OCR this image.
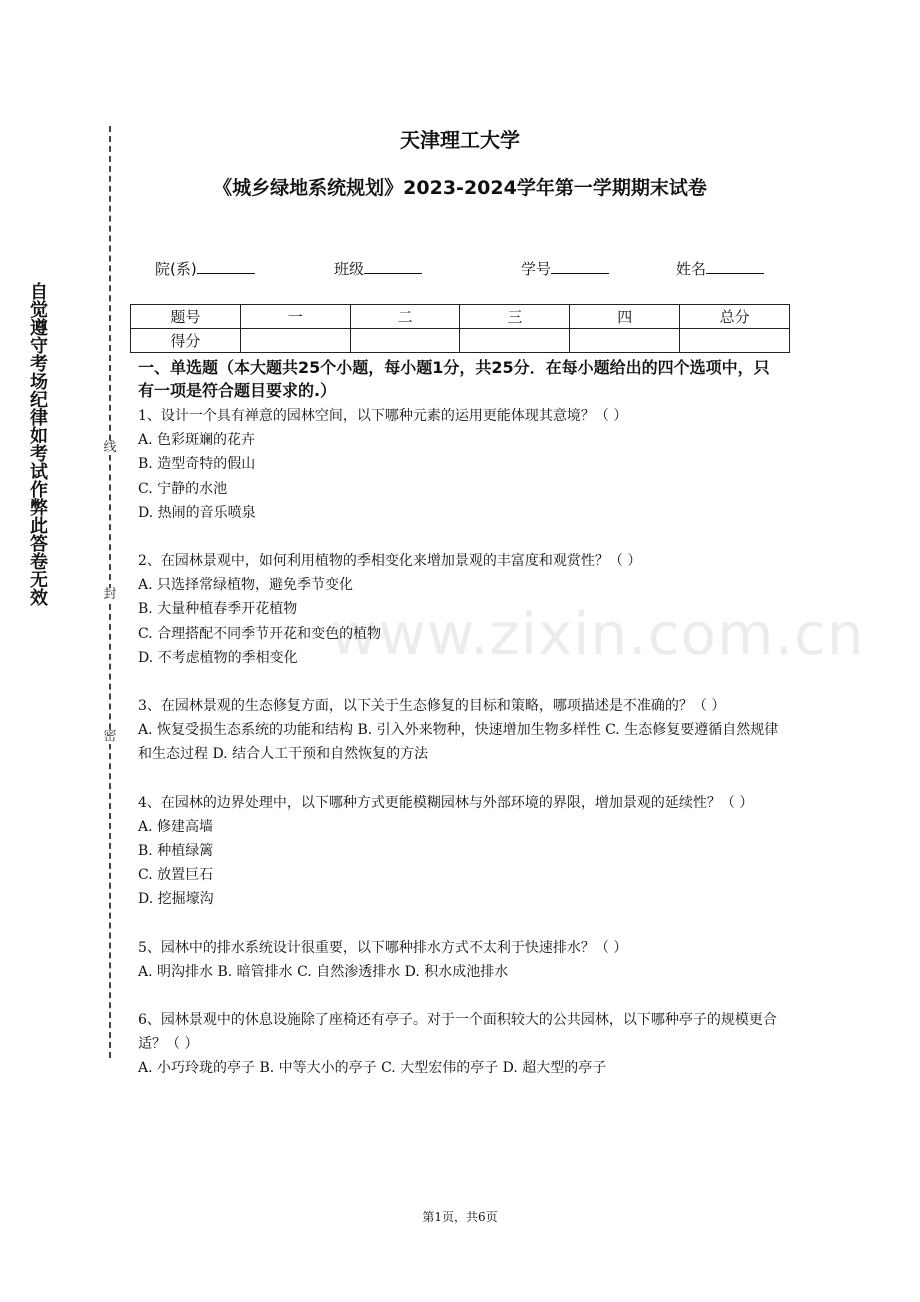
自觉遵守考场纪律如考试作弊此答卷无效	线
封
密
www.zixin.com.cn
天津理工大学
《城乡绿地系统规划》2023-2024学年第一学期期末试卷
院(系)	班级	学号	姓名
题号	一	二	三	四	总分
得分					
一、单选题（本大题共25个小题，每小题1分，共25分．在每小题给出的四个选项中，只有一项是符合题目要求的.）

1、设计一个具有禅意的园林空间，以下哪种元素的运用更能体现其意境？（ ）

A. 色彩斑斓的花卉

B. 造型奇特的假山

C. 宁静的水池

D. 热闹的音乐喷泉

2、在园林景观中，如何利用植物的季相变化来增加景观的丰富度和观赏性？（ ）

A. 只选择常绿植物，避免季节变化

B. 大量种植春季开花植物

C. 合理搭配不同季节开花和变色的植物

D. 不考虑植物的季相变化

3、在园林景观的生态修复方面，以下关于生态修复的目标和策略，哪项描述是不准确的？（ ）

A. 恢复受损生态系统的功能和结构 B. 引入外来物种，快速增加生物多样性 C. 生态修复要遵循自然规律和生态过程 D. 结合人工干预和自然恢复的方法

4、在园林的边界处理中，以下哪种方式更能模糊园林与外部环境的界限，增加景观的延续性？（ ）

A. 修建高墙

B. 种植绿篱

C. 放置巨石

D. 挖掘壕沟

5、园林中的排水系统设计很重要，以下哪种排水方式不太利于快速排水？（ ）

A. 明沟排水 B. 暗管排水 C. 自然渗透排水 D. 积水成池排水

6、园林景观中的休息设施除了座椅还有亭子。对于一个面积较大的公共园林，以下哪种亭子的规模更合适？（ ）

A. 小巧玲珑的亭子 B. 中等大小的亭子 C. 大型宏伟的亭子 D. 超大型的亭子

第1页，共6页
